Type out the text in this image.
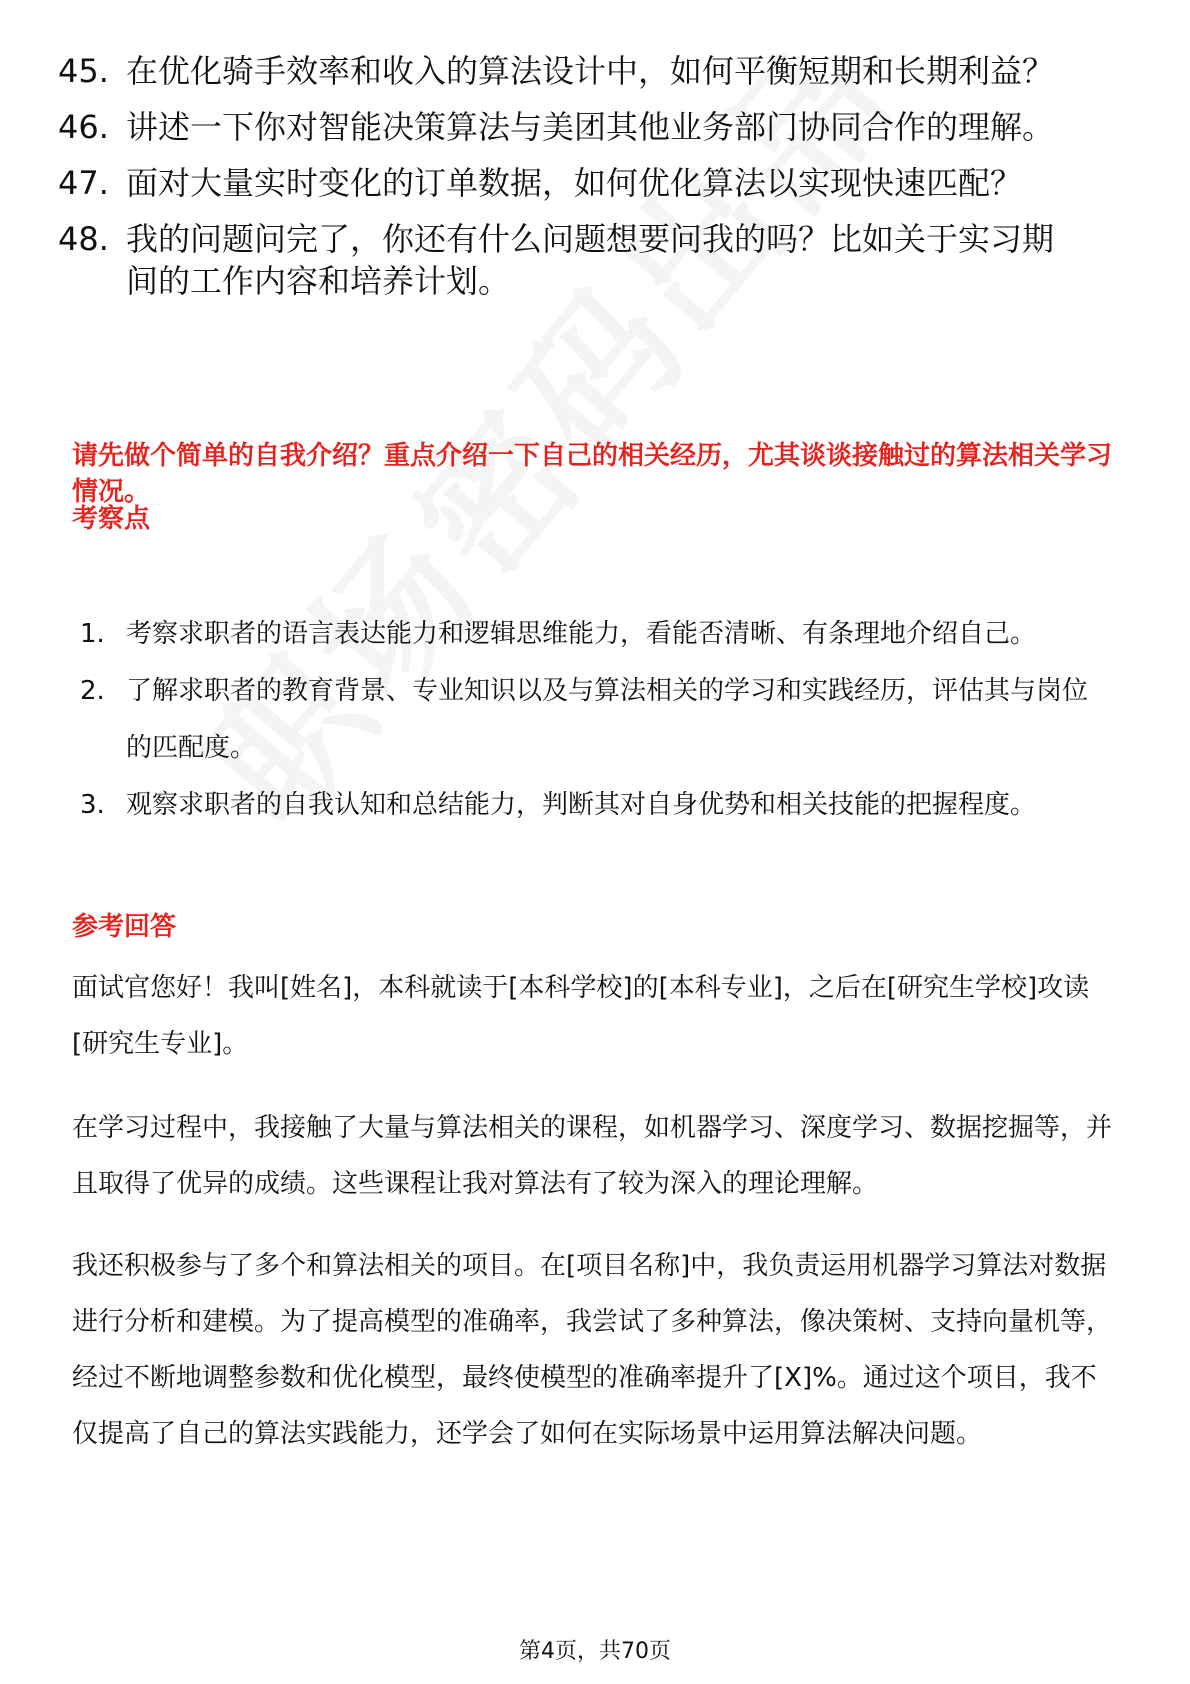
45. 在优化骑手效率和收入的算法设计中，如何平衡短期和长期利益？
46. 讲述一下你对智能决策算法与美团其他业务部门协同合作的理解。
47. 面对大量实时变化的订单数据，如何优化算法以实现快速匹配？
48. 我的问题问完了，你还有什么问题想要问我的吗？比如关于实习期间的工作内容和培养计划。
请先做个简单的自我介绍？重点介绍一下自己的相关经历，尤其谈谈接触过的算法相关学习情况。
考察点
1. 考察求职者的语言表达能力和逻辑思维能力，看能否清晰、有条理地介绍自己。
2. 了解求职者的教育背景、专业知识以及与算法相关的学习和实践经历，评估其与岗位的匹配度。
3. 观察求职者的自我认知和总结能力，判断其对自身优势和相关技能的把握程度。
参考回答

面试官您好！我叫[姓名]，本科就读于[本科学校]的[本科专业]，之后在[研究生学校]攻读[研究生专业]。

在学习过程中，我接触了大量与算法相关的课程，如机器学习、深度学习、数据挖掘等，并且取得了优异的成绩。这些课程让我对算法有了较为深入的理论理解。

我还积极参与了多个和算法相关的项目。在[项目名称]中，我负责运用机器学习算法对数据进行分析和建模。为了提高模型的准确率，我尝试了多种算法，像决策树、支持向量机等，经过不断地调整参数和优化模型，最终使模型的准确率提升了[X]%。通过这个项目，我不仅提高了自己的算法实践能力，还学会了如何在实际场景中运用算法解决问题。

第4页，共70页
